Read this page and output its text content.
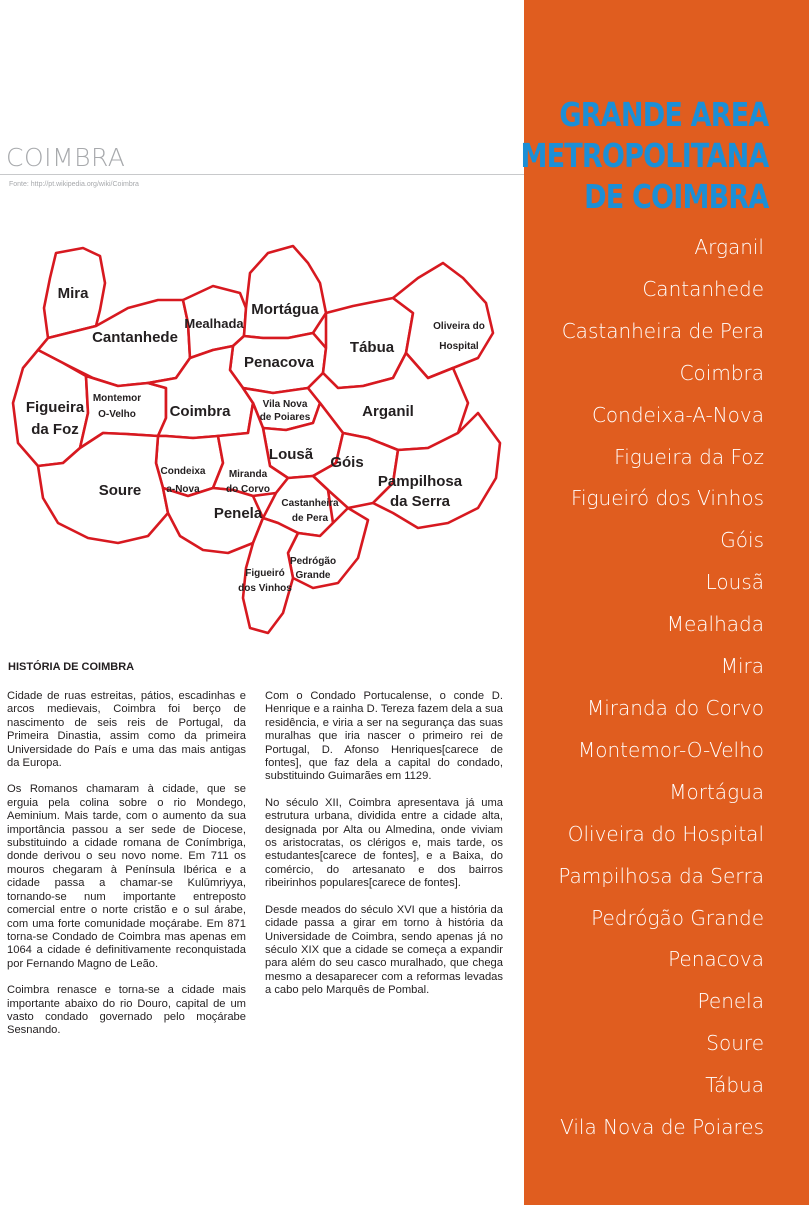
COIMBRA
Fonte: http://pt.wikipedia.org/wiki/Coimbra
Mira
Cantanhede
Mealhada
Mortágua
Penacova
Tábua
Oliveira do
Hospital
Figueira
da Foz
Montemor
O-Velho Coimbra	Vila Nova
de Poiares	Arganil
Lousã Góis
Condeixa
a-Nova
Miranda
do Corvo	Pampilhosa
da Serra
Soure
Penela
Castanheira
de Pera
Pedrógão
Grande
Figueiró
dos Vinhos
HISTÓRIA DE COIMBRA

Cidade de ruas estreitas, pátios, escadinhas e arcos medievais, Coimbra foi berço de nascimento de seis reis de Portugal, da Primeira Dinastia, assim como da primeira Universidade do País e uma das mais antigas da Europa.

Os Romanos chamaram à cidade, que se erguia pela colina sobre o rio Mondego, Aeminium. Mais tarde, com o aumento da sua importância passou a ser sede de Diocese, substituindo a cidade romana de Conímbriga, donde derivou o seu novo nome. Em 711 os mouros chegaram à Península Ibérica e a cidade passa a chamar-se Kulūmriyya, tornando-se num importante entreposto comercial entre o norte cristão e o sul árabe, com uma forte comunidade moçárabe. Em 871 torna-se Condado de Coimbra mas apenas em 1064 a cidade é definitivamente reconquistada por Fernando Magno de Leão.

Coimbra renasce e torna-se a cidade mais importante abaixo do rio Douro, capital de um vasto condado governado pelo moçárabe Sesnando.

Com o Condado Portucalense, o conde D. Henrique e a rainha D. Tereza fazem dela a sua residência, e viria a ser na segurança das suas muralhas que iria nascer o primeiro rei de Portugal, D. Afonso Henriques[carece de fontes], que faz dela a capital do condado, substituindo Guimarães em 1129.

No século XII, Coimbra apresentava já uma estrutura urbana, dividida entre a cidade alta, designada por Alta ou Almedina, onde viviam os aristocratas, os clérigos e, mais tarde, os estudantes[carece de fontes], e a Baixa, do comércio, do artesanato e dos bairros ribeirinhos populares[carece de fontes].

Desde meados do século XVI que a história da cidade passa a girar em torno à história da Universidade de Coimbra, sendo apenas já no século XIX que a cidade se começa a expandir para além do seu casco muralhado, que chega mesmo a desaparecer com a reformas levadas a cabo pelo Marquês de Pombal.

GRANDE AREA
METROPOLITANA
DE COIMBRA
Arganil
Cantanhede
Castanheira de Pera
Coimbra
Condeixa-A-Nova
Figueira da Foz
Figueiró dos Vinhos
Góis
Lousã
Mealhada
Mira
Miranda do Corvo
Montemor-O-Velho
Mortágua
Oliveira do Hospital
Pampilhosa da Serra
Pedrógão Grande
Penacova
Penela
Soure
Tábua
Vila Nova de Poiares
